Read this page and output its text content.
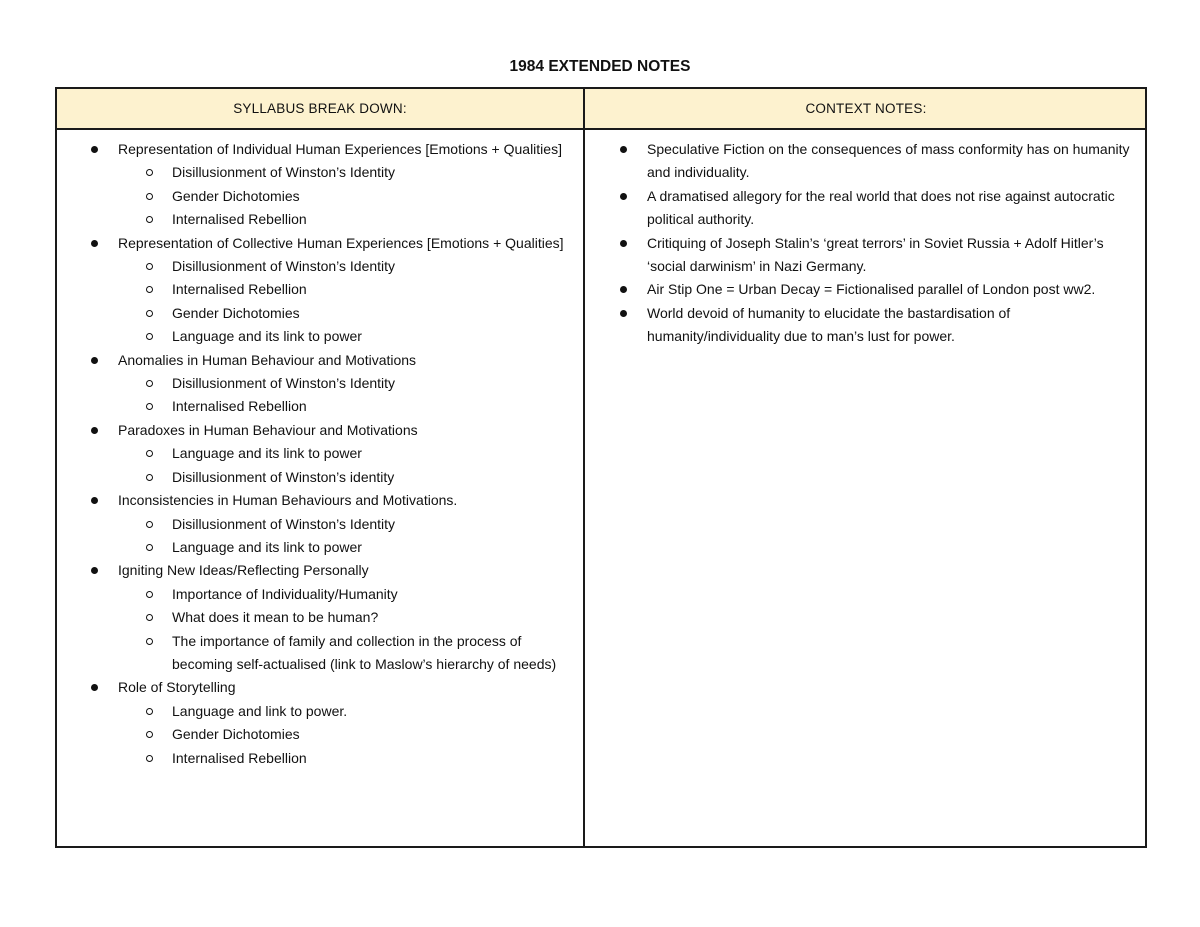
1984 EXTENDED NOTES
SYLLABUS BREAK DOWN:	CONTEXT NOTES:
Representation of Individual Human Experiences [Emotions + Qualities]
Disillusionment of Winston’s Identity
Gender Dichotomies
Internalised Rebellion
Representation of Collective Human Experiences [Emotions + Qualities]
Disillusionment of Winston’s Identity
Internalised Rebellion
Gender Dichotomies
Language and its link to power
Anomalies in Human Behaviour and Motivations
Disillusionment of Winston’s Identity
Internalised Rebellion
Paradoxes in Human Behaviour and Motivations
Language and its link to power
Disillusionment of Winston’s identity
Inconsistencies in Human Behaviours and Motivations.
Disillusionment of Winston’s Identity
Language and its link to power
Igniting New Ideas/Reflecting Personally
Importance of Individuality/Humanity
What does it mean to be human?
The importance of family and collection in the process of becoming self-actualised (link to Maslow’s hierarchy of needs)
Role of Storytelling
Language and link to power.
Gender Dichotomies
Internalised Rebellion
Speculative Fiction on the consequences of mass conformity has on humanity and individuality.
A dramatised allegory for the real world that does not rise against autocratic political authority.
Critiquing of Joseph Stalin’s ‘great terrors’ in Soviet Russia + Adolf Hitler’s ‘social darwinism’ in Nazi Germany.
Air Stip One = Urban Decay = Fictionalised parallel of London post ww2.
World devoid of humanity to elucidate the bastardisation of humanity/individuality due to man’s lust for power.
